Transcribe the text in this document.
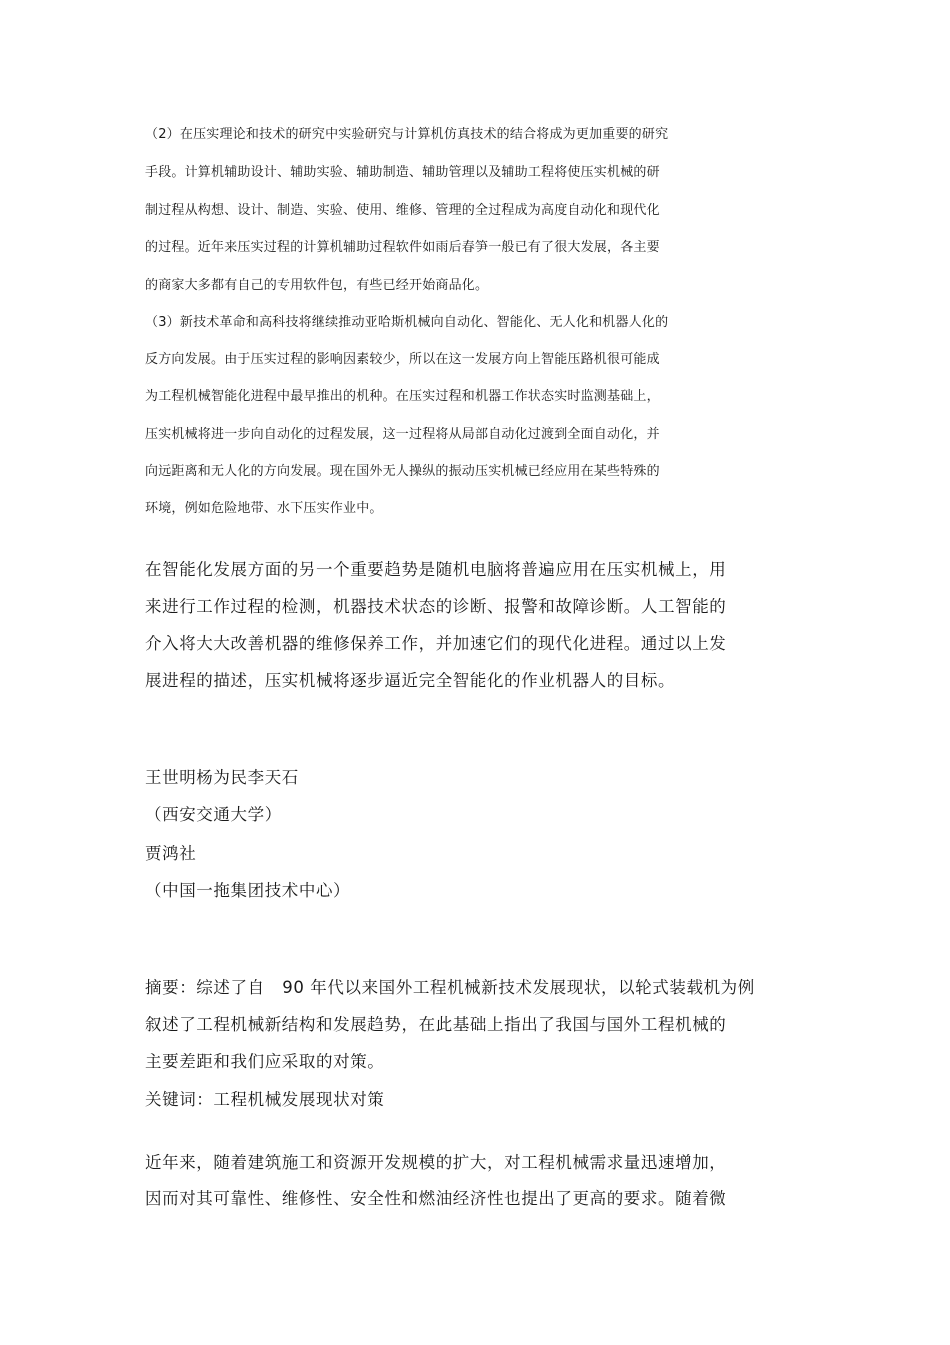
（2）在压实理论和技术的研究中实验研究与计算机仿真技术的结合将成为更加重要的研究
手段。计算机辅助设计、辅助实验、辅助制造、辅助管理以及辅助工程将使压实机械的研
制过程从构想、设计、制造、实验、使用、维修、管理的全过程成为高度自动化和现代化
的过程。近年来压实过程的计算机辅助过程软件如雨后春笋一般已有了很大发展，各主要
的商家大多都有自己的专用软件包，有些已经开始商品化。
（3）新技术革命和高科技将继续推动亚哈斯机械向自动化、智能化、无人化和机器人化的
反方向发展。由于压实过程的影响因素较少，所以在这一发展方向上智能压路机很可能成
为工程机械智能化进程中最早推出的机种。在压实过程和机器工作状态实时监测基础上，
压实机械将进一步向自动化的过程发展，这一过程将从局部自动化过渡到全面自动化，并
向远距离和无人化的方向发展。现在国外无人操纵的振动压实机械已经应用在某些特殊的
环境，例如危险地带、水下压实作业中。
在智能化发展方面的另一个重要趋势是随机电脑将普遍应用在压实机械上，用
来进行工作过程的检测，机器技术状态的诊断、报警和故障诊断。人工智能的
介入将大大改善机器的维修保养工作，并加速它们的现代化进程。通过以上发
展进程的描述，压实机械将逐步逼近完全智能化的作业机器人的目标。
王世明杨为民李天石
（西安交通大学）
贾鸿社
（中国一拖集团技术中心）
摘要：综述了自   90 年代以来国外工程机械新技术发展现状，以轮式装载机为例
叙述了工程机械新结构和发展趋势，在此基础上指出了我国与国外工程机械的
主要差距和我们应采取的对策。
关键词：工程机械发展现状对策
近年来，随着建筑施工和资源开发规模的扩大，对工程机械需求量迅速增加，
因而对其可靠性、维修性、安全性和燃油经济性也提出了更高的要求。随着微
